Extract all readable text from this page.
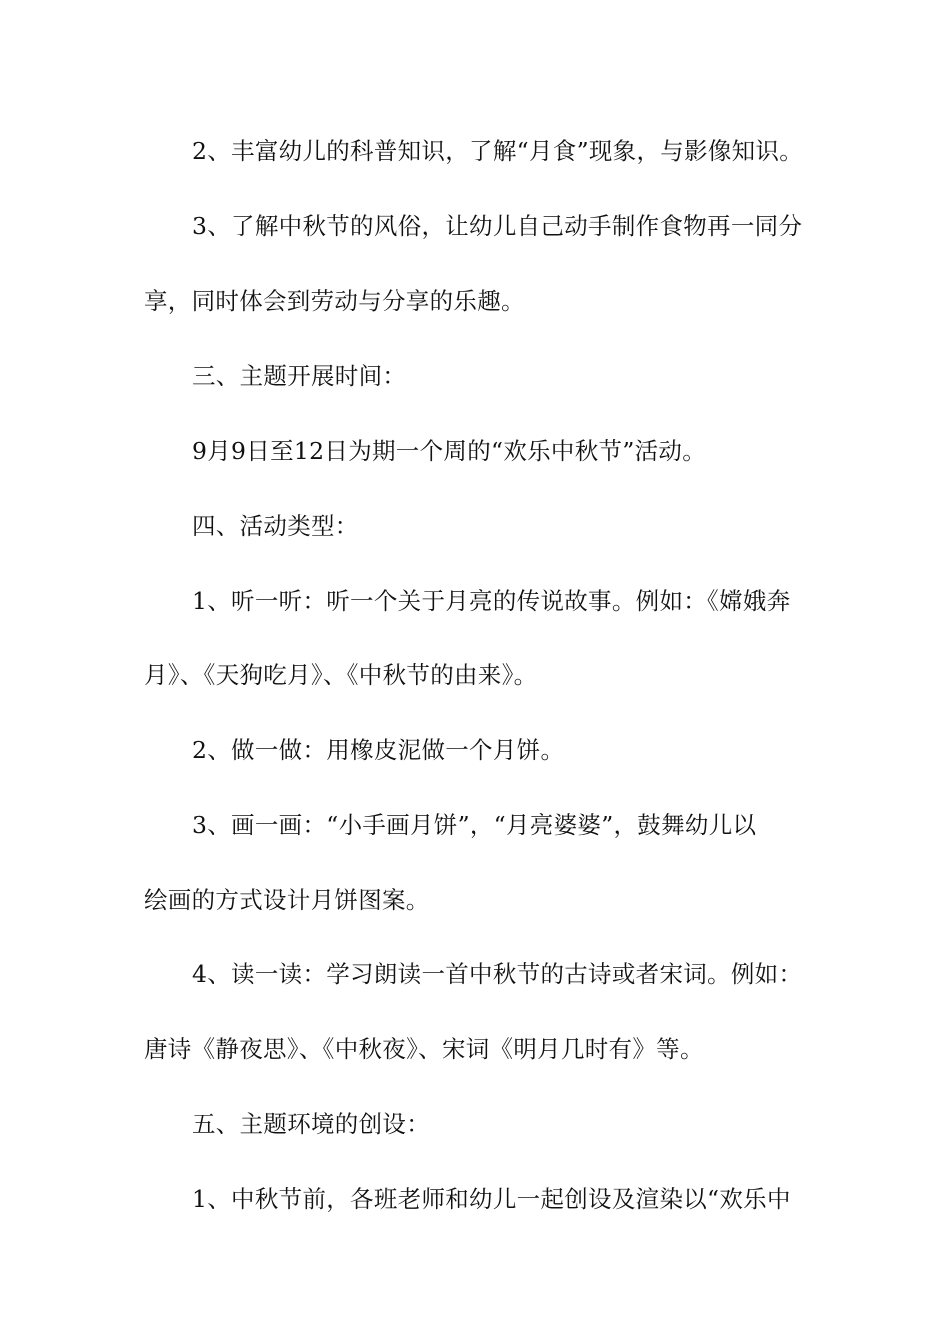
2、丰富幼儿的科普知识，了解“月食”现象，与影像知识。
3、了解中秋节的风俗，让幼儿自己动手制作食物再一同分
享，同时体会到劳动与分享的乐趣。
三、主题开展时间：
9月9日至12日为期一个周的“欢乐中秋节”活动。
四、活动类型：
1、听一听：听一个关于月亮的传说故事。例如：《嫦娥奔
月》、《天狗吃月》、《中秋节的由来》。
2、做一做：用橡皮泥做一个月饼。
3、画一画：“小手画月饼”，“月亮婆婆”，鼓舞幼儿以
绘画的方式设计月饼图案。
4、读一读：学习朗读一首中秋节的古诗或者宋词。例如：
唐诗《静夜思》、《中秋夜》、宋词《明月几时有》等。
五、主题环境的创设：
1、中秋节前，各班老师和幼儿一起创设及渲染以“欢乐中
